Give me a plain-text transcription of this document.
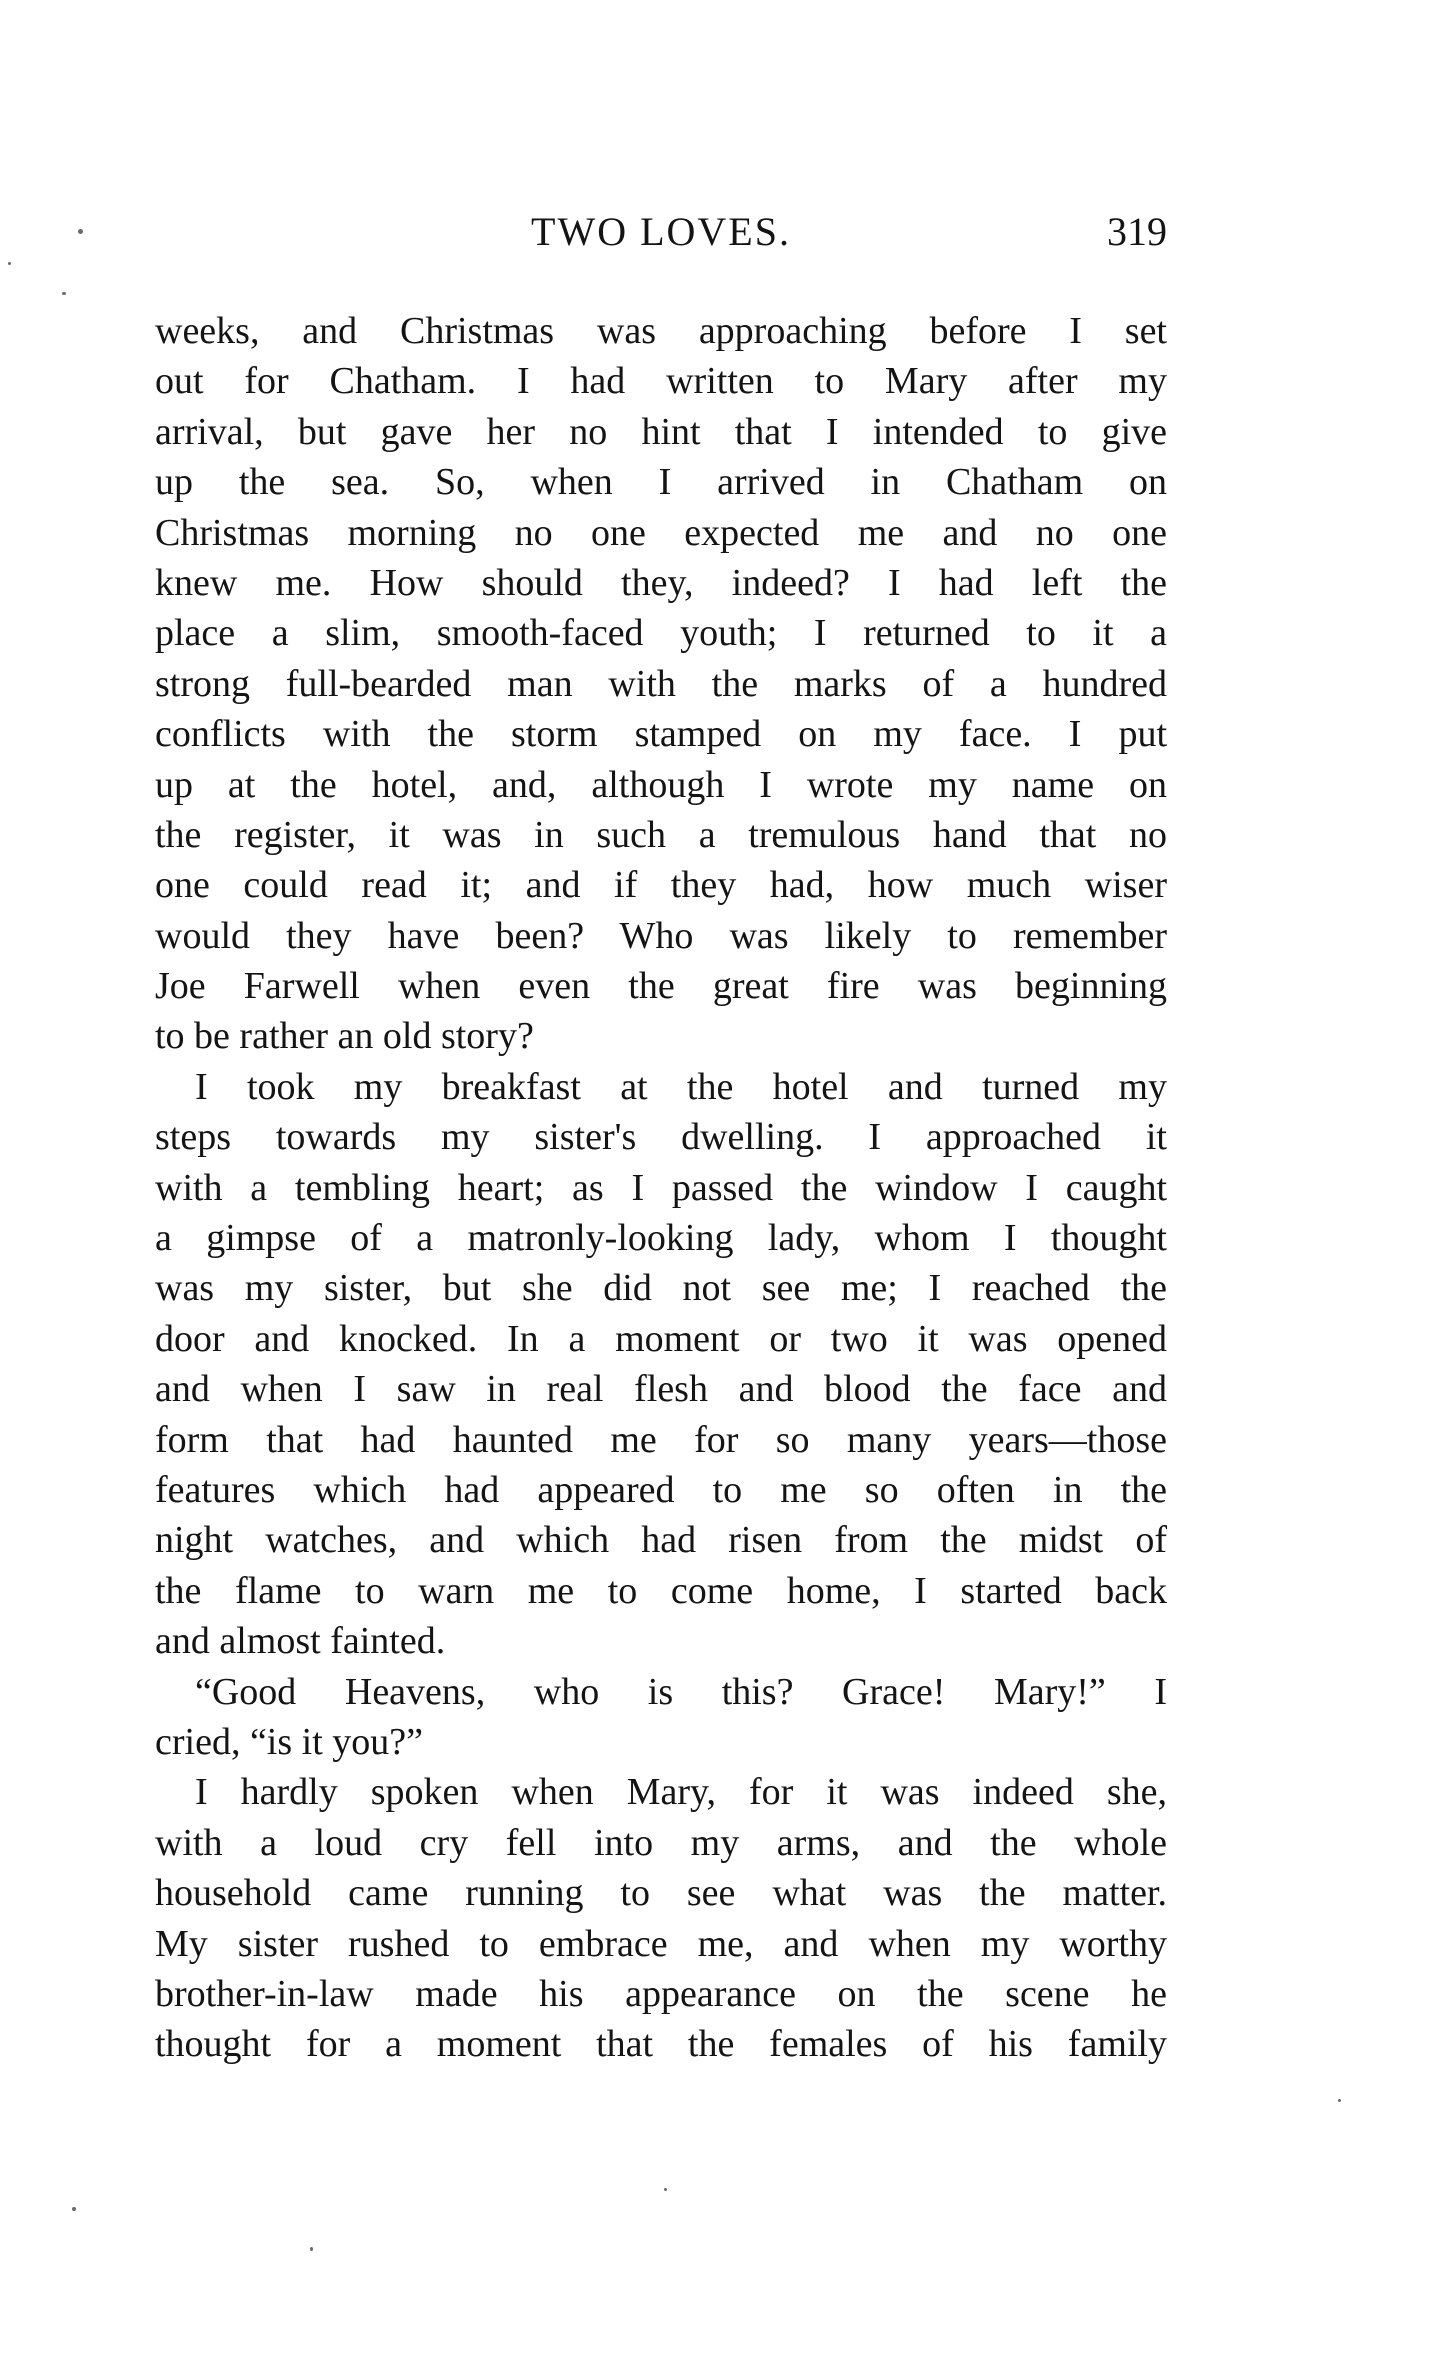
TWO LOVES.	319
weeks, and Christmas was approaching before I set
out for Chatham. I had written to Mary after my
arrival, but gave her no hint that I intended to give
up the sea. So, when I arrived in Chatham on
Christmas morning no one expected me and no one
knew me. How should they, indeed? I had left the
place a slim, smooth-faced youth; I returned to it a
strong full-bearded man with the marks of a hundred
conflicts with the storm stamped on my face. I put
up at the hotel, and, although I wrote my name on
the register, it was in such a tremulous hand that no
one could read it; and if they had, how much wiser
would they have been? Who was likely to remember
Joe Farwell when even the great fire was beginning
to be rather an old story?
I took my breakfast at the hotel and turned my
steps towards my sister's dwelling. I approached it
with a tembling heart; as I passed the window I caught
a gimpse of a matronly-looking lady, whom I thought
was my sister, but she did not see me; I reached the
door and knocked. In a moment or two it was opened
and when I saw in real flesh and blood the face and
form that had haunted me for so many years—those
features which had appeared to me so often in the
night watches, and which had risen from the midst of
the flame to warn me to come home, I started back
and almost fainted.
“Good Heavens, who is this? Grace! Mary!” I
cried, “is it you?”
I hardly spoken when Mary, for it was indeed she,
with a loud cry fell into my arms, and the whole
household came running to see what was the matter.
My sister rushed to embrace me, and when my worthy
brother-in-law made his appearance on the scene he
thought for a moment that the females of his family
